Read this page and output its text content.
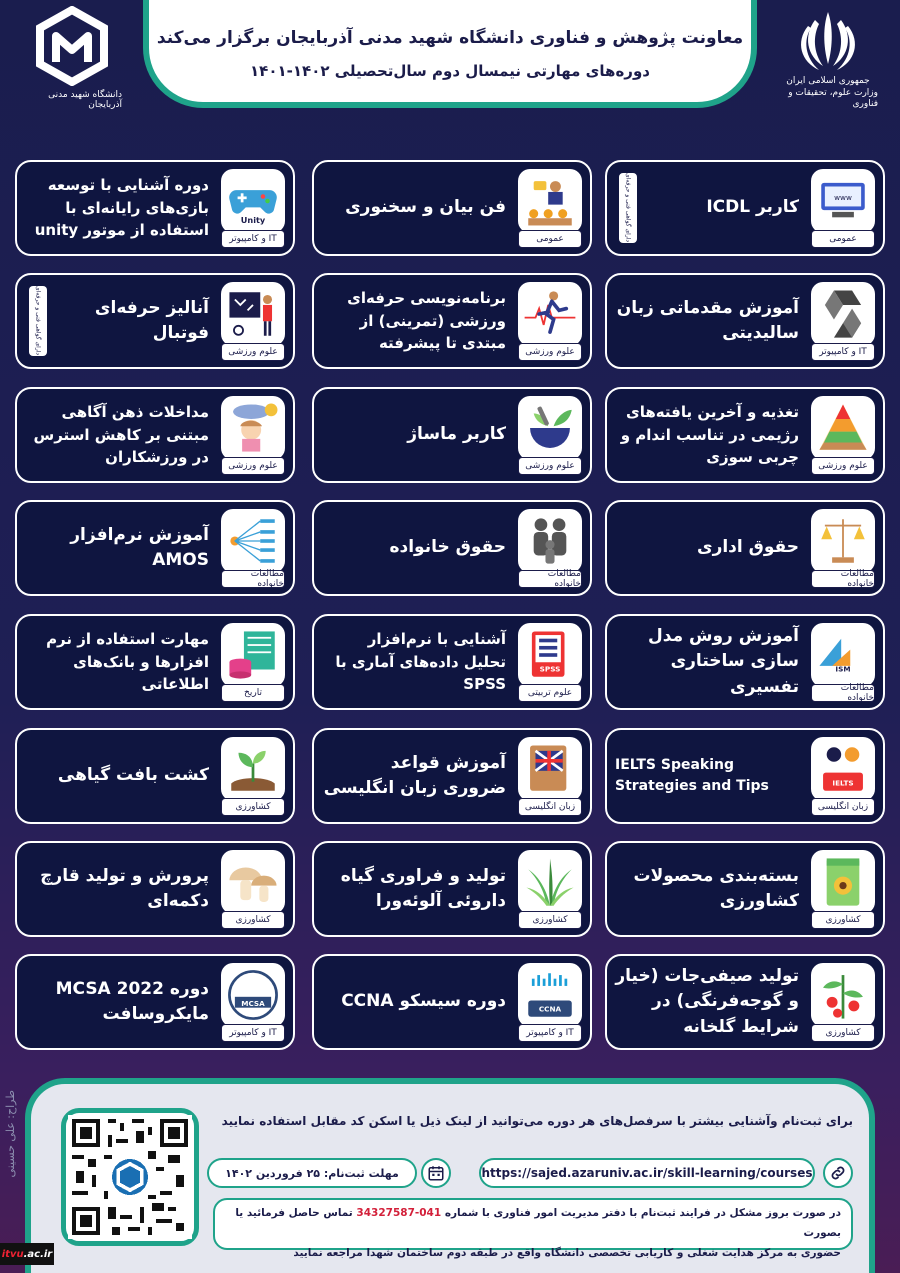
معاونت پژوهش و فناوری دانشگاه شهید مدنی آذربایجان برگزار می‌کند
دوره‌های مهارتی نیمسال دوم سال‌تحصیلی ۱۴۰۲-۱۴۰۱
جمهوری اسلامی ایران
وزارت علوم، تحقیقات و فناوری
دانشگاه شهید مدنی آذربایجان
www
کاربر ICDL
دارای گواهی فنی و حرفه‌ای	عمومی
فن بیان و سخنوری
عمومی
Unity
دوره آشنایی با توسعه بازی‌های رایانه‌ای با استفاده از موتور unity	IT و کامپیوتر
آموزش مقدماتی زبان سالیدیتی
IT و کامپیوتر
برنامه‌نویسی حرفه‌ای ورزشی (تمرینی) از مبتدی تا پیشرفته	علوم ورزشی
آنالیز حرفه‌ای فوتبال
دارای گواهی فنی و حرفه‌ای	علوم ورزشی
تغذیه و آخرین یافته‌های رژیمی در تناسب اندام و چربی سوزی	علوم ورزشی
کاربر ماساژ
علوم ورزشی
مداخلات ذهن آگاهی مبتنی بر کاهش استرس در ورزشکاران	علوم ورزشی
حقوق اداری
مطالعات خانواده
حقوق خانواده
مطالعات خانواده
آموزش نرم‌افزار AMOS
مطالعات خانواده
ISM
آموزش روش مدل سازی ساختاری تفسیری	مطالعات خانواده
SPSS
آشنایی با نرم‌افزار تحلیل داده‌های آماری با SPSS	علوم تربیتی
مهارت استفاده از نرم افزارها و بانک‌های اطلاعاتی	تاریخ
IELTS
IELTS Speaking Strategies and Tips
زبان انگلیسی
آموزش قواعد ضروری زبان انگلیسی
زبان انگلیسی
کشت بافت گیاهی
کشاورزی
بسته‌بندی محصولات کشاورزی
کشاورزی
تولید و فراوری گیاه داروئی آلوئه‌ورا
کشاورزی
پرورش و تولید قارچ دکمه‌ای
کشاورزی
تولید صیفی‌جات (خیار و گوجه‌فرنگی) در شرایط گلخانه	کشاورزی
CCNA
دوره سیسکو CCNA
IT و کامپیوتر
MCSA
دوره MCSA 2022 مایکروسافت
IT و کامپیوتر
برای ثبت‌نام وآشنایی بیشتر با سرفصل‌های هر دوره می‌توانید از لینک ذیل یا اسکن کد مقابل استفاده نمایید
https://sajed.azaruniv.ac.ir/skill-learning/courses
مهلت ثبت‌نام: ۲۵ فروردین ۱۴۰۲
در صورت بروز مشکل در فرایند ثبت‌نام با دفتر مدیریت امور فناوری با شماره 041-34327587 تماس حاصل فرمائید یا بصورت
حضوری به مرکز هدایت شغلی و کاریابی تخصصی دانشگاه واقع در طبقه دوم ساختمان شهدا مراجعه نمایید
طراح: علی حسینی
itvu .ac.ir
